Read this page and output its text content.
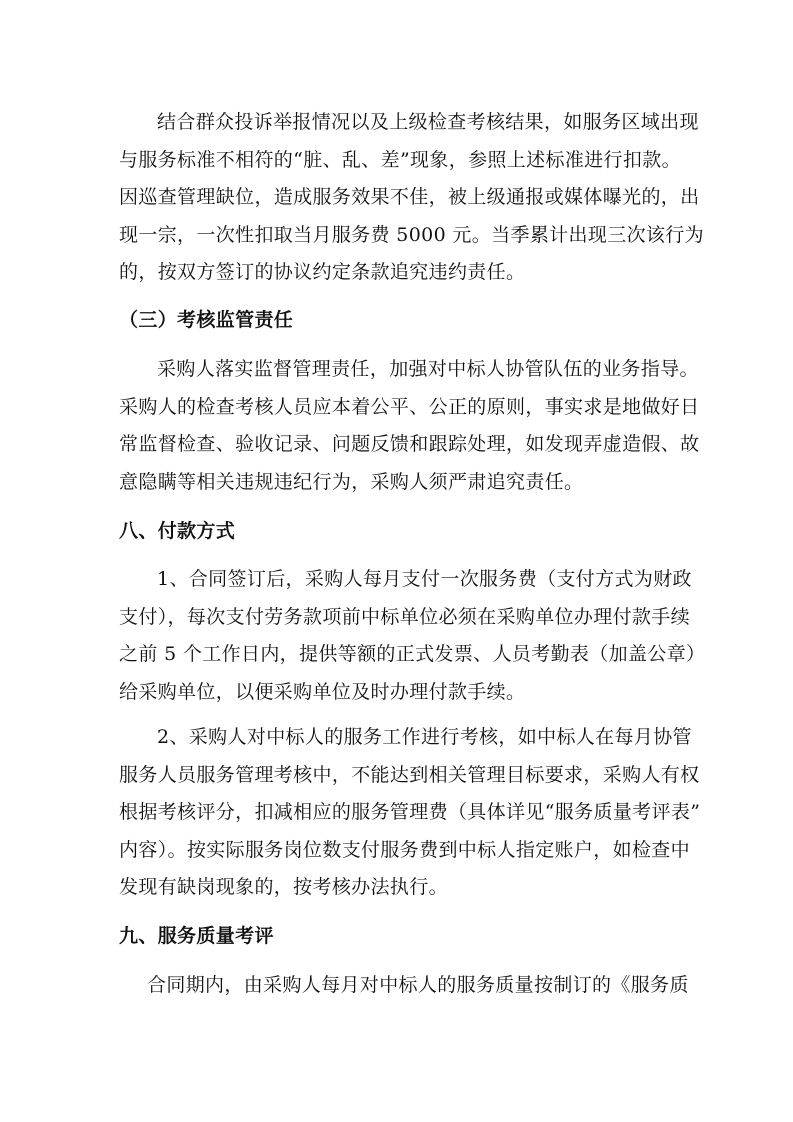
结合群众投诉举报情况以及上级检查考核结果，如服务区域出现
与服务标准不相符的“脏、乱、差”现象，参照上述标准进行扣款。
因巡查管理缺位，造成服务效果不佳，被上级通报或媒体曝光的，出
现一宗，一次性扣取当月服务费 5000 元。当季累计出现三次该行为
的，按双方签订的协议约定条款追究违约责任。
（三）考核监管责任
采购人落实监督管理责任，加强对中标人协管队伍的业务指导。
采购人的检查考核人员应本着公平、公正的原则，事实求是地做好日
常监督检查、验收记录、问题反馈和跟踪处理，如发现弄虚造假、故
意隐瞒等相关违规违纪行为，采购人须严肃追究责任。
八、付款方式
1、合同签订后，采购人每月支付一次服务费（支付方式为财政
支付），每次支付劳务款项前中标单位必须在采购单位办理付款手续
之前 5 个工作日内，提供等额的正式发票、人员考勤表（加盖公章）
给采购单位，以便采购单位及时办理付款手续。
2、采购人对中标人的服务工作进行考核，如中标人在每月协管
服务人员服务管理考核中，不能达到相关管理目标要求，采购人有权
根据考核评分，扣减相应的服务管理费（具体详见“服务质量考评表”
内容）。按实际服务岗位数支付服务费到中标人指定账户，如检查中
发现有缺岗现象的，按考核办法执行。
九、服务质量考评
合同期内，由采购人每月对中标人的服务质量按制订的《服务质
